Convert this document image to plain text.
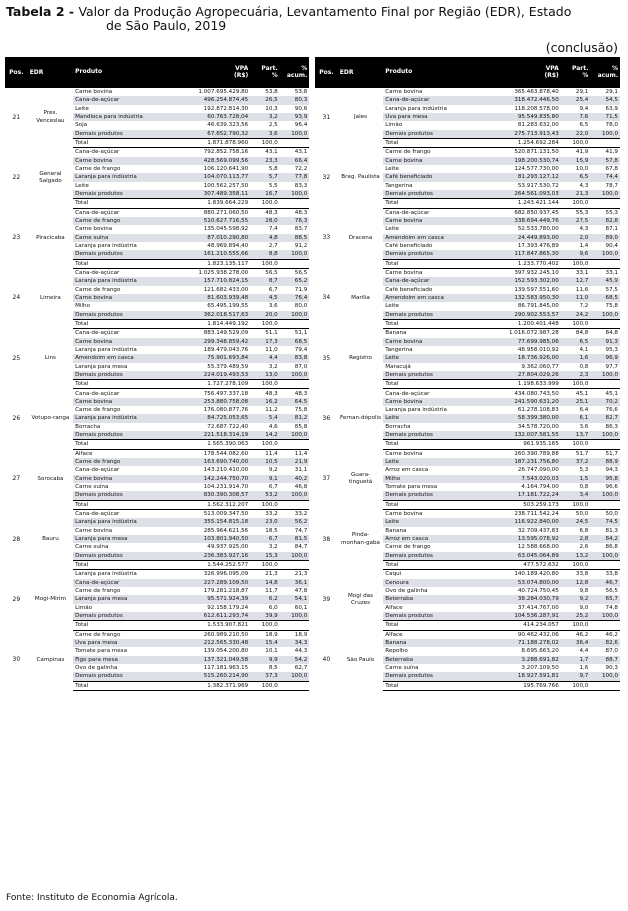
Tabela 2 - Valor da Produção Agropecuária, Levantamento Final por Região (EDR), Estado
de São Paulo, 2019
(conclusão)
Pos.	EDR	Produto	VPA
(R$)	Part.
%	%
acum.	
21	Pres. Venceslau	Carne bovina	1.007.695.429,80	53,8	53,8	
		Cana-de-açúcar	496.254.874,45	26,5	80,3	
		Leite	192.872.814,30	10,3	90,6	
		Mandioca para indústria	60.763.728,04	3,2	93,9	
		Soja	46.639.323,56	2,5	96,4	
		Demais produtos	67.652.790,32	3,6	100,0	
		Total	1.871.878.960	100,0		
22	General Salgado	Cana-de-açúcar	792.852.758,16	43,1	43,1	
		Carne bovina	428.569.099,56	23,3	66,4	
		Carne de frango	106.120.641,90	5,8	72,2	
		Laranja para indústria	104.070.113,77	5,7	77,8	
		Leite	100.562.257,50	5,5	83,3	
		Demais produtos	307.489.358,11	16,7	100,0	
		Total	1.839.664.229	100,0		
23	Piracicaba	Cana-de-açúcar	880.271.060,50	48,3	48,3	
		Carne de frango	510.627.716,55	28,0	76,3	
		Carne bovina	135.045.598,92	7,4	83,7	
		Carne suína	87.010.290,80	4,8	88,5	
		Laranja para indústria	48.969.894,40	2,7	91,2	
		Demais produtos	161.210.555,66	8,8	100,0	
		Total	1.823.135.117	100,0		
24	Limeira	Cana-de-açúcar	1.025.938.278,00	56,5	56,5	
		Laranja para indústria	157.710.824,15	8,7	65,2	
		Carne de frango	121.682.433,00	6,7	71,9	
		Carne bovina	81.603.939,48	4,5	76,4	
		Milho	65.495.199,55	3,6	80,0	
		Demais produtos	362.018.517,63	20,0	100,0	
		Total	1.814.449.192	100,0		
25	Lins	Cana-de-açúcar	883.149.529,09	51,1	51,1	
		Carne bovina	299.348.859,42	17,3	68,5	
		Laranja para indústria	189.479.043,76	11,0	79,4	
		Amendoim em casca	75.901.693,84	4,4	83,8	
		Laranja para mesa	55.379.489,59	3,2	87,0	
		Demais produtos	224.019.493,53	13,0	100,0	
		Total	1.727.278.109	100,0		
26	Votupo-ranga	Cana-de-açúcar	756.497.337,18	48,3	48,3	
		Carne bovina	253.880.758,08	16,2	64,5	
		Carne de frango	176.080.877,76	11,2	75,8	
		Laranja para indústria	84.725.053,65	5,4	81,2	
		Borracha	72.687.722,40	4,6	85,8	
		Demais produtos	221.518.314,19	14,2	100,0	
		Total	1.565.390.063	100,0		
27	Sorocaba	Alface	178.544.082,60	11,4	11,4	
		Carne de frango	163.690.740,00	10,5	21,9	
		Cana-de-açúcar	143.210.410,00	9,2	31,1	
		Carne bovina	142.244.750,70	9,1	40,2	
		Carne suína	104.231.914,70	6,7	46,8	
		Demais produtos	830.390.308,57	53,2	100,0	
		Total	1.562.312.207	100,0		
28	Bauru	Cana-de-açúcar	513.009.347,50	33,2	33,2	
		Laranja para indústria	355.154.815,18	23,0	56,2	
		Carne bovina	285.964.621,56	18,5	74,7	
		Laranja para mesa	103.801.940,50	6,7	81,5	
		Carne suína	49.937.925,00	3,2	84,7	
		Demais produtos	236.383.927,16	15,3	100,0	
		Total	1.544.252.577	100,0		
29	Mogi-Mirim	Laranja para indústria	326.996.095,09	21,3	21,3	
		Cana-de-açúcar	227.289.109,50	14,8	36,1	
		Carne de frango	179.281.218,87	11,7	47,8	
		Laranja para mesa	95.571.924,39	6,2	54,1	
		Limão	92.158.179,24	6,0	60,1	
		Demais produtos	612.611.293,74	39,9	100,0	
		Total	1.533.907.821	100,0		
30	Campinas	Carne de frango	260.989.210,50	18,9	18,9	
		Uva para mesa	212.565.330,48	15,4	34,3	
		Tomate para mesa	139.054.200,80	10,1	44,3	
		Figo para mesa	137.321.049,58	9,9	54,2	
		Ovo de galinha	117.181.963,15	8,5	62,7	
		Demais produtos	515.260.214,90	37,3	100,0	
		Total	1.382.371.969	100,0		
Pos.	EDR	Produto	VPA
(R$)	Part.
%	%
acum.
31	Jales	Carne bovina	365.463.878,40	29,1	29,1
		Cana-de-açúcar	318.472.446,50	25,4	54,5
		Laranja para indústria	118.208.578,00	9,4	63,9
		Uva para mesa	95.549.835,80	7,6	71,5
		Limão	81.283.632,00	6,5	78,0
		Demais produtos	275.713.913,43	22,0	100,0
		Total	1.254.692.284	100,0	
32	Brag. Paulista	Carne de frango	520.871.131,50	41,9	41,9
		Carne bovina	198.200.530,74	15,9	57,8
		Leite	124.577.730,00	10,0	67,8
		Café beneficiado	81.293.127,12	6,5	74,4
		Tangerina	53.917.530,72	4,3	78,7
		Demais produtos	264.561.093,03	21,3	100,0
		Total	1.243.421.144	100,0	
33	Dracena	Cana-de-açúcar	682.850.937,45	55,3	55,3
		Carne bovina	338.694.449,76	27,5	82,8
		Leite	52.533.780,00	4,3	87,1
		Amendoim em casca	24.449.893,00	2,0	89,0
		Café beneficiado	17.393.476,89	1,4	90,4
		Demais produtos	117.847.865,30	9,6	100,0
		Total	1.233.770.402	100,0	
34	Marília	Carne bovina	397.932.245,10	33,1	33,1
		Cana-de-açúcar	152.593.302,00	12,7	45,9
		Café beneficiado	139.597.551,60	11,6	57,5
		Amendoim em casca	132.583.950,30	11,0	68,5
		Leite	86.791.845,00	7,2	75,8
		Demais produtos	290.902.553,57	24,2	100,0
		Total	1.200.401.448	100,0	
35	Registro	Banana	1.016.072.987,28	84,8	84,8
		Carne bovina	77.699.985,06	6,5	91,3
		Tangerina	48.958.010,92	4,1	95,3
		Leite	18.736.926,00	1,6	96,9
		Maracujá	9.362.060,77	0,8	97,7
		Demais produtos	27.804.029,26	2,3	100,0
		Total	1.198.633.999	100,0	
36	Fernan-dópolis	Cana-de-açúcar	434.080.743,50	45,1	45,1
		Carne bovina	241.590.631,20	25,1	70,2
		Laranja para indústria	61.278.108,83	6,4	76,6
		Leite	58.399.380,00	6,1	82,7
		Borracha	34.578.720,00	3,6	86,3
		Demais produtos	132.007.581,55	13,7	100,0
		Total	961.935.165	100,0	
37	Guara-tinguetá	Carne bovina	260.390.789,88	51,7	51,7
		Leite	187.231.756,80	37,2	88,9
		Arroz em casca	26.747.090,00	5,3	94,3
		Milho	7.543.020,03	1,5	95,8
		Tomate para mesa	4.164.794,00	0,8	96,6
		Demais produtos	17.181.722,24	3,4	100,0
		Total	503.259.173	100,0	
38	Pinda-monhan-gaba	Carne bovina	238.711.542,24	50,0	50,0
		Leite	116.922.840,00	24,5	74,5
		Banana	32.709.437,83	6,8	81,3
		Arroz em casca	13.595.078,92	2,8	84,2
		Carne de frango	12.588.668,00	2,6	86,8
		Demais produtos	63.045.064,89	13,2	100,0
		Total	477.572.632	100,0	
39	Mogi das Cruzes	Caqui	140.189.420,80	33,8	33,8
		Cenoura	53.074.800,00	12,8	46,7
		Ovo de galinha	40.724.750,45	9,8	56,5
		Beterraba	38.284.030,79	9,2	65,7
		Alface	37.414.767,00	9,0	74,8
		Demais produtos	104.536.287,91	25,2	100,0
		Total	414.234.057	100,0	
40	São Paulo	Alface	90.462.432,06	46,2	46,2
		Banana	71.188.278,02	36,4	82,6
		Repolho	8.695.663,20	4,4	87,0
		Beterraba	3.288.691,82	1,7	88,7
		Carne suína	3.207.109,50	1,6	90,3
		Demais produtos	18.927.591,81	9,7	100,0
		Total	195.769.766	100,0	
Fonte: Instituto de Economia Agrícola.
